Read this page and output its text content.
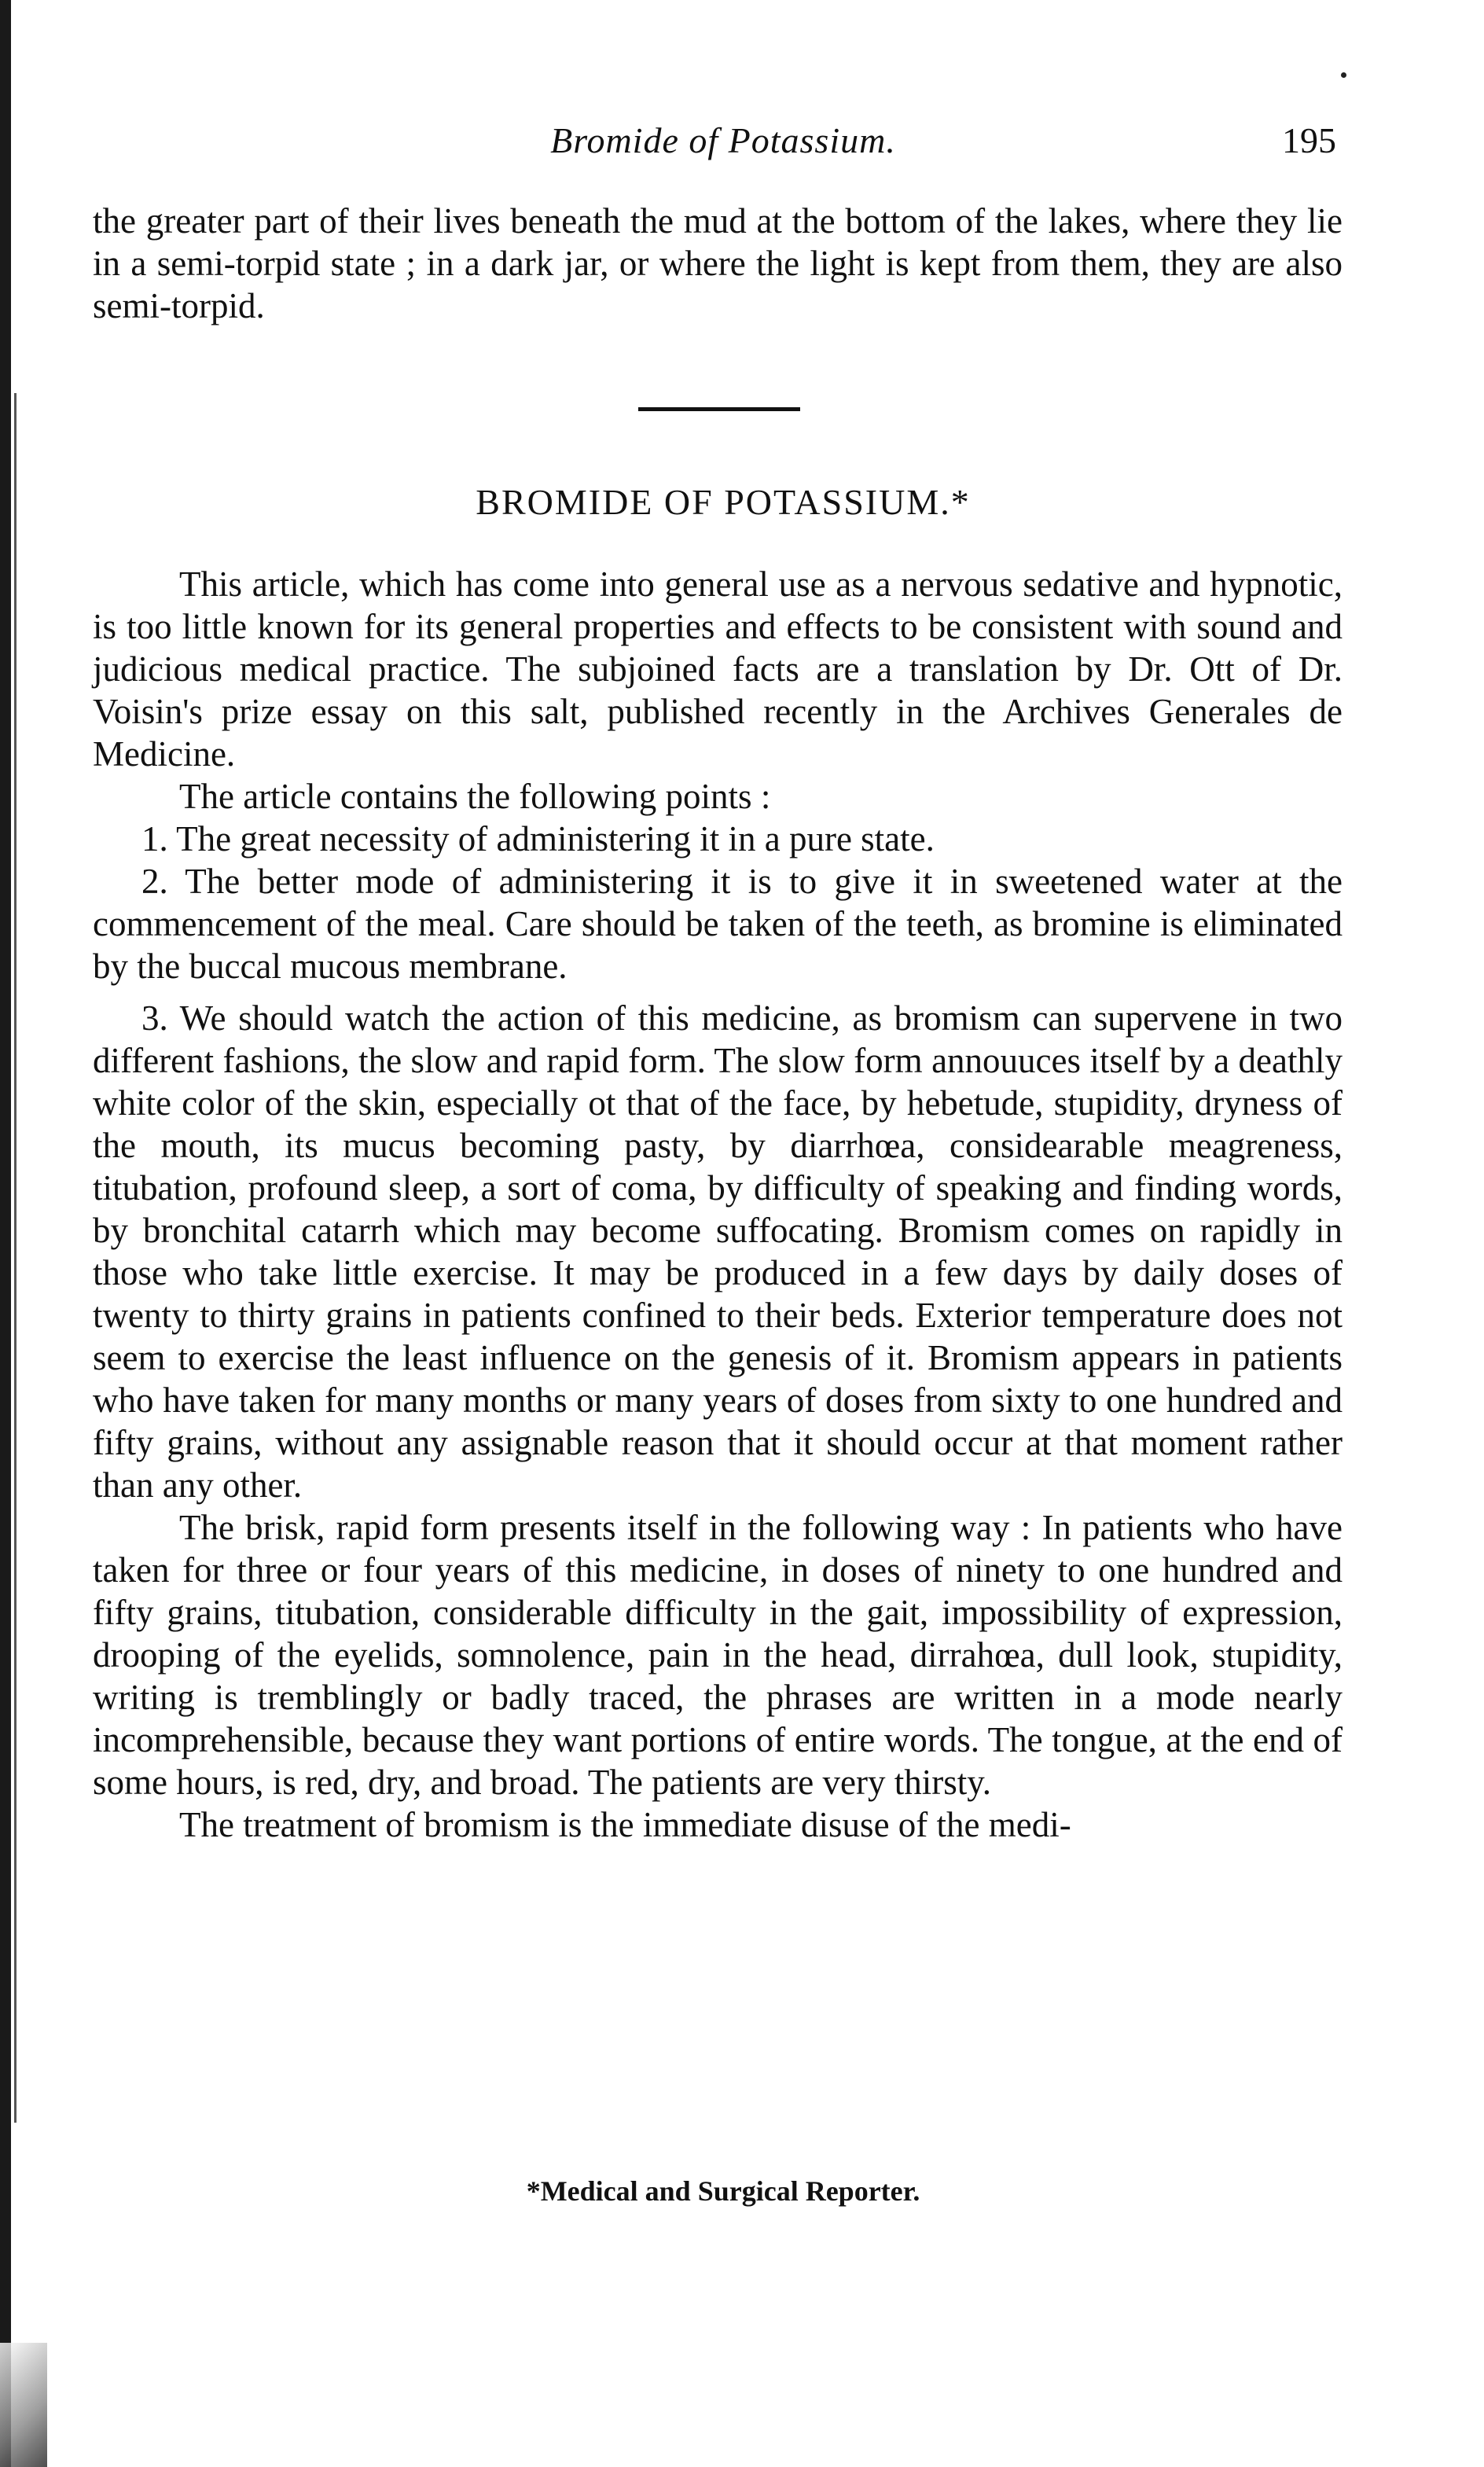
Bromide of Potassium.	195
the greater part of their lives beneath the mud at the bottom of the lakes, where they lie in a semi-torpid state ; in a dark jar, or where the light is kept from them, they are also semi-torpid.
BROMIDE OF POTASSIUM.*

This article, which has come into general use as a nervous sedative and hypnotic, is too little known for its general properties and effects to be consistent with sound and judicious medical practice. The subjoined facts are a translation by Dr. Ott of Dr. Voisin's prize essay on this salt, published recently in the Archives Generales de Medicine.

The article contains the following points :

1. The great necessity of administering it in a pure state.

2. The better mode of administering it is to give it in sweetened water at the commencement of the meal. Care should be taken of the teeth, as bromine is eliminated by the buccal mucous membrane.

3. We should watch the action of this medicine, as bromism can supervene in two different fashions, the slow and rapid form. The slow form annouuces itself by a deathly white color of the skin, especially ot that of the face, by hebetude, stupidity, dryness of the mouth, its mucus becoming pasty, by diarrhœa, considearable meagreness, titubation, profound sleep, a sort of coma, by difficulty of speaking and finding words, by bronchital catarrh which may become suffocating. Bromism comes on rapidly in those who take little exercise. It may be produced in a few days by daily doses of twenty to thirty grains in patients confined to their beds. Exterior temperature does not seem to exercise the least influence on the genesis of it. Bromism appears in patients who have taken for many months or many years of doses from sixty to one hundred and fifty grains, without any assignable reason that it should occur at that moment rather than any other.

The brisk, rapid form presents itself in the following way : In patients who have taken for three or four years of this medicine, in doses of ninety to one hundred and fifty grains, titubation, considerable difficulty in the gait, impossibility of expression, drooping of the eyelids, somnolence, pain in the head, dirrahœa, dull look, stupidity, writing is tremblingly or badly traced, the phrases are written in a mode nearly incomprehensible, because they want portions of entire words. The tongue, at the end of some hours, is red, dry, and broad. The patients are very thirsty.

The treatment of bromism is the immediate disuse of the medi-

*Medical and Surgical Reporter.
